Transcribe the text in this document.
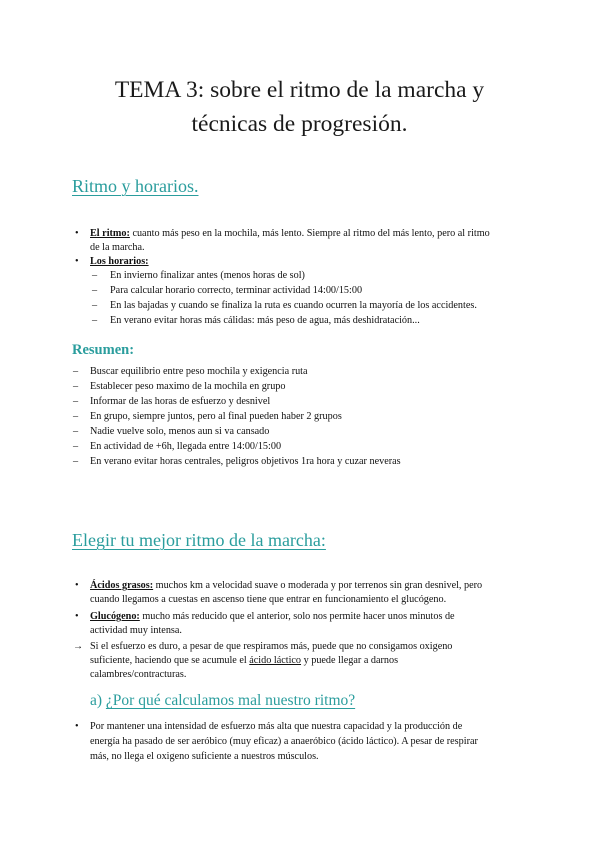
TEMA 3: sobre el ritmo de la marcha y
técnicas de progresión.
Ritmo y horarios.
• El ritmo: cuanto más peso en la mochila, más lento. Siempre al ritmo del más lento, pero al ritmo
de la marcha.
• Los horarios:
– En invierno finalizar antes (menos horas de sol)
– Para calcular horario correcto, terminar actividad 14:00/15:00
– En las bajadas y cuando se finaliza la ruta es cuando ocurren la mayoría de los accidentes.
– En verano evitar horas más cálidas: más peso de agua, más deshidratación...
Resumen:
– Buscar equilibrio entre peso mochila y exigencia ruta
– Establecer peso maximo de la mochila en grupo
– Informar de las horas de esfuerzo y desnivel
– En grupo, siempre juntos, pero al final pueden haber 2 grupos
– Nadie vuelve solo, menos aun si va cansado
– En actividad de +6h, llegada entre 14:00/15:00
– En verano evitar horas centrales, peligros objetivos 1ra hora y cuzar neveras
Elegir tu mejor ritmo de la marcha:
• Ácidos grasos: muchos km a velocidad suave o moderada y por terrenos sin gran desnivel, pero
cuando llegamos a cuestas en ascenso tiene que entrar en funcionamiento el glucógeno.
• Glucógeno: mucho más reducido que el anterior, solo nos permite hacer unos minutos de
actividad muy intensa.
→ Si el esfuerzo es duro, a pesar de que respiramos más, puede que no consigamos oxigeno
suficiente, haciendo que se acumule el ácido láctico y puede llegar a darnos
calambres/contracturas.
a) ¿Por qué calculamos mal nuestro ritmo?
• Por mantener una intensidad de esfuerzo más alta que nuestra capacidad y la producción de
energía ha pasado de ser aeróbico (muy eficaz) a anaeróbico (ácido láctico). A pesar de respirar
más, no llega el oxigeno suficiente a nuestros músculos.
